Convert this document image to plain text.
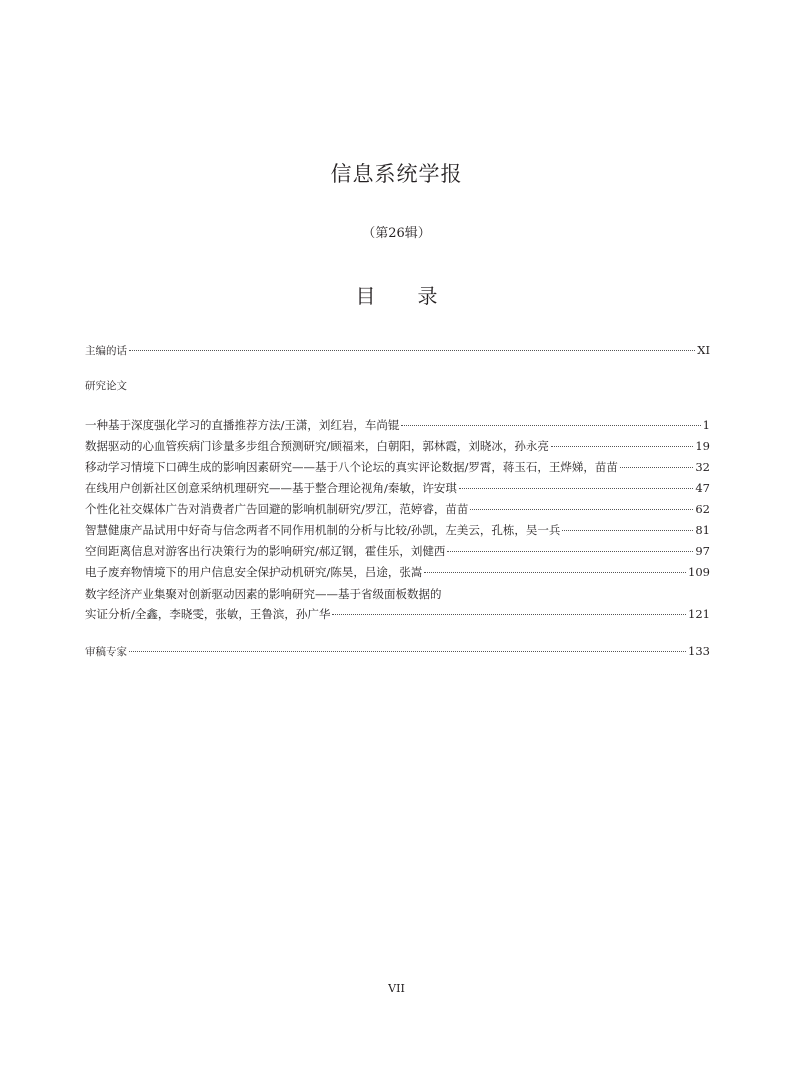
信息系统学报
（第26辑）
目 录
主编的话	XI
研究论文
一种基于深度强化学习的直播推荐方法/王潇，刘红岩，车尚锟	1
数据驱动的心血管疾病门诊量多步组合预测研究/顾福来，白朝阳，郭林霞，刘晓冰，孙永亮	19
移动学习情境下口碑生成的影响因素研究——基于八个论坛的真实评论数据/罗霄，蒋玉石，王烨娣，苗苗	32
在线用户创新社区创意采纳机理研究——基于整合理论视角/秦敏，许安琪	47
个性化社交媒体广告对消费者广告回避的影响机制研究/罗江，范婷睿，苗苗	62
智慧健康产品试用中好奇与信念两者不同作用机制的分析与比较/孙凯，左美云，孔栋，吴一兵	81
空间距离信息对游客出行决策行为的影响研究/郝辽钢，霍佳乐，刘健西	97
电子废弃物情境下的用户信息安全保护动机研究/陈昊，吕途，张嵩	109
数字经济产业集聚对创新驱动因素的影响研究——基于省级面板数据的
实证分析/全鑫，李晓雯，张敏，王鲁滨，孙广华	121
审稿专家	133
VII
